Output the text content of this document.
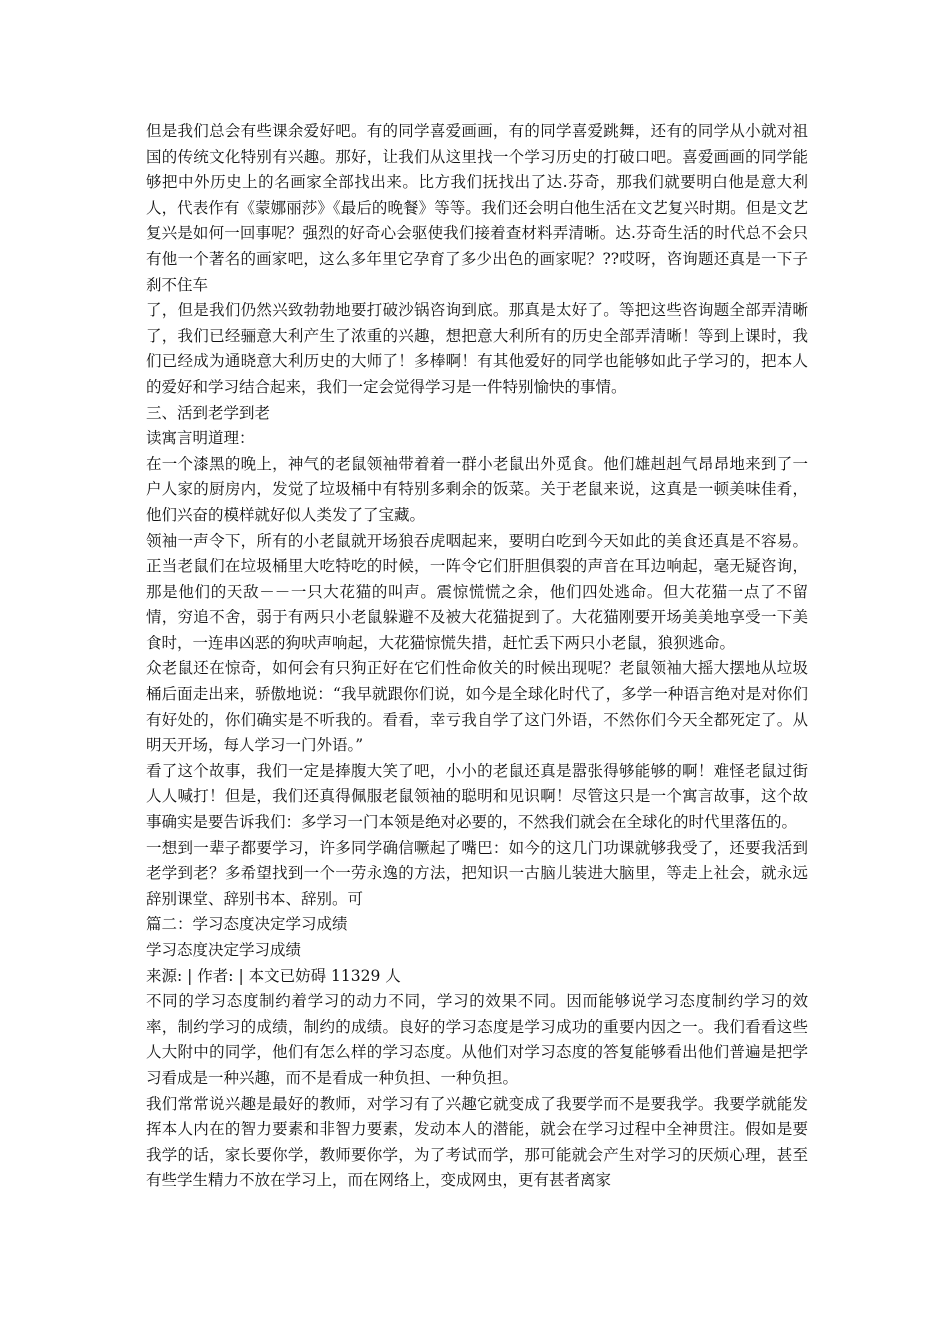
但是我们总会有些课余爱好吧。有的同学喜爱画画，有的同学喜爱跳舞，还有的同学从小就对祖国的传统文化特别有兴趣。那好，让我们从这里找一个学习历史的打破口吧。喜爱画画的同学能够把中外历史上的名画家全部找出来。比方我们抚找出了达.芬奇，那我们就要明白他是意大利人，代表作有《蒙娜丽莎》《最后的晚餐》等等。我们还会明白他生活在文艺复兴时期。但是文艺复兴是如何一回事呢？强烈的好奇心会驱使我们接着查材料弄清晰。达.芬奇生活的时代总不会只有他一个著名的画家吧，这么多年里它孕育了多少出色的画家呢？??哎呀，咨询题还真是一下子刹不住车

了，但是我们仍然兴致勃勃地要打破沙锅咨询到底。那真是太好了。等把这些咨询题全部弄清晰了，我们已经骊意大利产生了浓重的兴趣，想把意大利所有的历史全部弄清晰！等到上课时，我们已经成为通晓意大利历史的大师了！多棒啊！有其他爱好的同学也能够如此子学习的，把本人的爱好和学习结合起来，我们一定会觉得学习是一件特别愉快的事情。

三、活到老学到老

读寓言明道理：

在一个漆黑的晚上，神气的老鼠领袖带着着一群小老鼠出外觅食。他们雄赳赳气昂昂地来到了一户人家的厨房内，发觉了垃圾桶中有特别多剩余的饭菜。关于老鼠来说，这真是一顿美味佳肴，他们兴奋的模样就好似人类发了了宝藏。

领袖一声令下，所有的小老鼠就开场狼吞虎咽起来，要明白吃到今天如此的美食还真是不容易。正当老鼠们在垃圾桶里大吃特吃的时候，一阵令它们肝胆俱裂的声音在耳边响起，毫无疑咨询，那是他们的天敌－－一只大花猫的叫声。震惊慌慌之余，他们四处逃命。但大花猫一点了不留情，穷追不舍，弱于有两只小老鼠躲避不及被大花猫捉到了。大花猫刚要开场美美地享受一下美食时，一连串凶恶的狗吠声响起，大花猫惊慌失措，赶忙丢下两只小老鼠，狼狈逃命。

众老鼠还在惊奇，如何会有只狗正好在它们性命攸关的时候出现呢？老鼠领袖大摇大摆地从垃圾桶后面走出来，骄傲地说：“我早就跟你们说，如今是全球化时代了，多学一种语言绝对是对你们有好处的，你们确实是不听我的。看看，幸亏我自学了这门外语，不然你们今天全都死定了。从明天开场，每人学习一门外语。”

看了这个故事，我们一定是捧腹大笑了吧，小小的老鼠还真是嚣张得够能够的啊！难怪老鼠过街人人喊打！但是，我们还真得佩服老鼠领袖的聪明和见识啊！尽管这只是一个寓言故事，这个故事确实是要告诉我们：多学习一门本领是绝对必要的，不然我们就会在全球化的时代里落伍的。

一想到一辈子都要学习，许多同学确信噘起了嘴巴：如今的这几门功课就够我受了，还要我活到老学到老？多希望找到一个一劳永逸的方法，把知识一古脑儿装进大脑里，等走上社会，就永远辞别课堂、辞别书本、辞别。可

篇二：学习态度决定学习成绩

学习态度决定学习成绩

来源: | 作者: | 本文已妨碍 11329 人

不同的学习态度制约着学习的动力不同，学习的效果不同。因而能够说学习态度制约学习的效率，制约学习的成绩，制约的成绩。良好的学习态度是学习成功的重要内因之一。我们看看这些人大附中的同学，他们有怎么样的学习态度。从他们对学习态度的答复能够看出他们普遍是把学习看成是一种兴趣，而不是看成一种负担、一种负担。

我们常常说兴趣是最好的教师，对学习有了兴趣它就变成了我要学而不是要我学。我要学就能发挥本人内在的智力要素和非智力要素，发动本人的潜能，就会在学习过程中全神贯注。假如是要我学的话，家长要你学，教师要你学，为了考试而学，那可能就会产生对学习的厌烦心理，甚至有些学生精力不放在学习上，而在网络上，变成网虫，更有甚者离家
